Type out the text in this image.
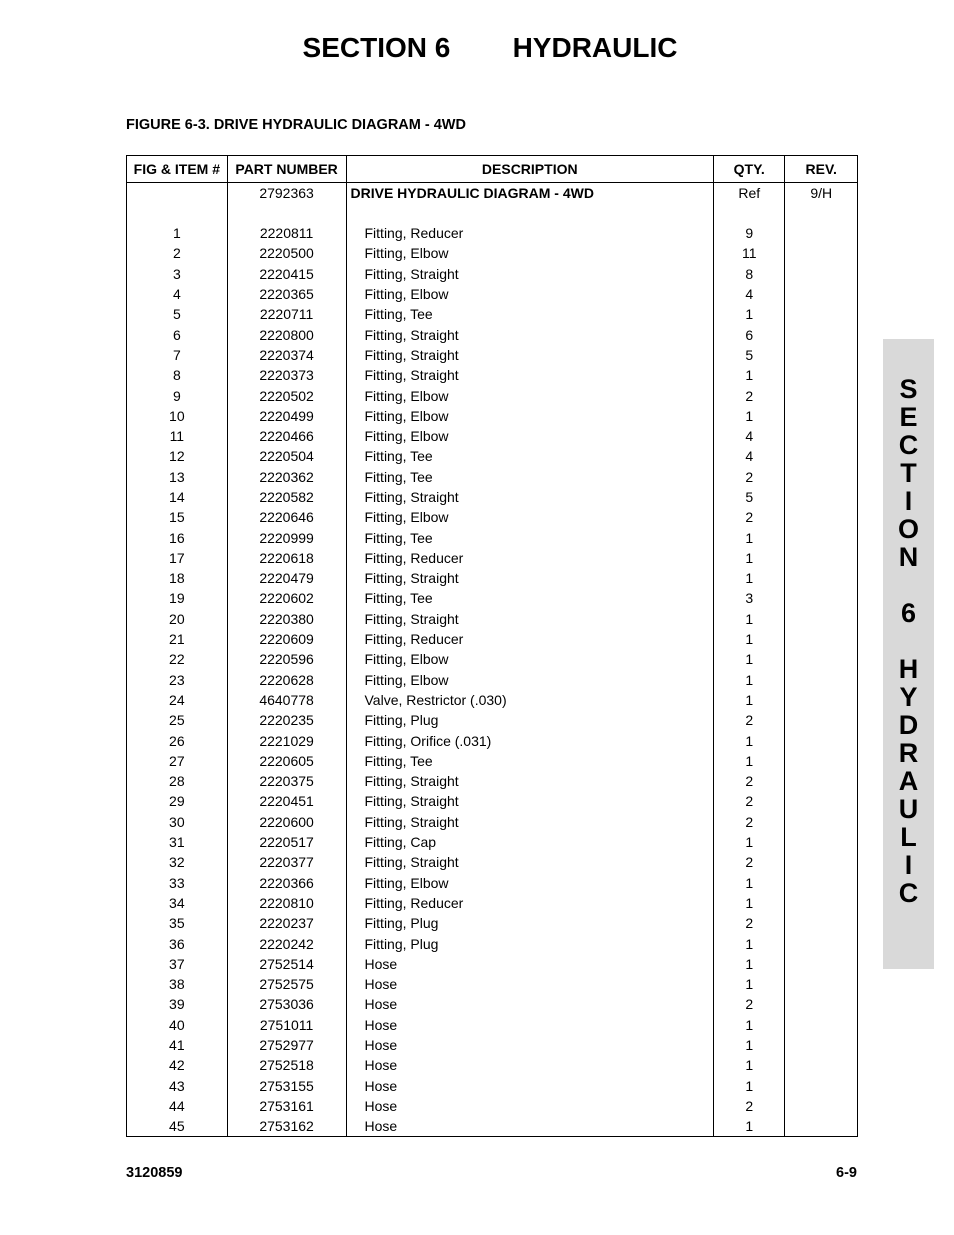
SECTION 6 HYDRAULIC
FIGURE 6-3. DRIVE HYDRAULIC DIAGRAM - 4WD
FIG & ITEM #	PART NUMBER	DESCRIPTION	QTY.	REV.
	2792363	DRIVE HYDRAULIC DIAGRAM - 4WD	Ref	9/H

1	2220811	Fitting, Reducer	9	
2	2220500	Fitting, Elbow	11	
3	2220415	Fitting, Straight	8	
4	2220365	Fitting, Elbow	4	
5	2220711	Fitting, Tee	1	
6	2220800	Fitting, Straight	6	
7	2220374	Fitting, Straight	5	
8	2220373	Fitting, Straight	1	
9	2220502	Fitting, Elbow	2	
10	2220499	Fitting, Elbow	1	
11	2220466	Fitting, Elbow	4	
12	2220504	Fitting, Tee	4	
13	2220362	Fitting, Tee	2	
14	2220582	Fitting, Straight	5	
15	2220646	Fitting, Elbow	2	
16	2220999	Fitting, Tee	1	
17	2220618	Fitting, Reducer	1	
18	2220479	Fitting, Straight	1	
19	2220602	Fitting, Tee	3	
20	2220380	Fitting, Straight	1	
21	2220609	Fitting, Reducer	1	
22	2220596	Fitting, Elbow	1	
23	2220628	Fitting, Elbow	1	
24	4640778	Valve, Restrictor (.030)	1	
25	2220235	Fitting, Plug	2	
26	2221029	Fitting, Orifice (.031)	1	
27	2220605	Fitting, Tee	1	
28	2220375	Fitting, Straight	2	
29	2220451	Fitting, Straight	2	
30	2220600	Fitting, Straight	2	
31	2220517	Fitting, Cap	1	
32	2220377	Fitting, Straight	2	
33	2220366	Fitting, Elbow	1	
34	2220810	Fitting, Reducer	1	
35	2220237	Fitting, Plug	2	
36	2220242	Fitting, Plug	1	
37	2752514	Hose	1	
38	2752575	Hose	1	
39	2753036	Hose	2	
40	2751011	Hose	1	
41	2752977	Hose	1	
42	2752518	Hose	1	
43	2753155	Hose	1	
44	2753161	Hose	2	
45	2753162	Hose	1	
S
E
C
T
I
O
N

6

H
Y
D
R
A
U
L
I
C
3120859	6-9
